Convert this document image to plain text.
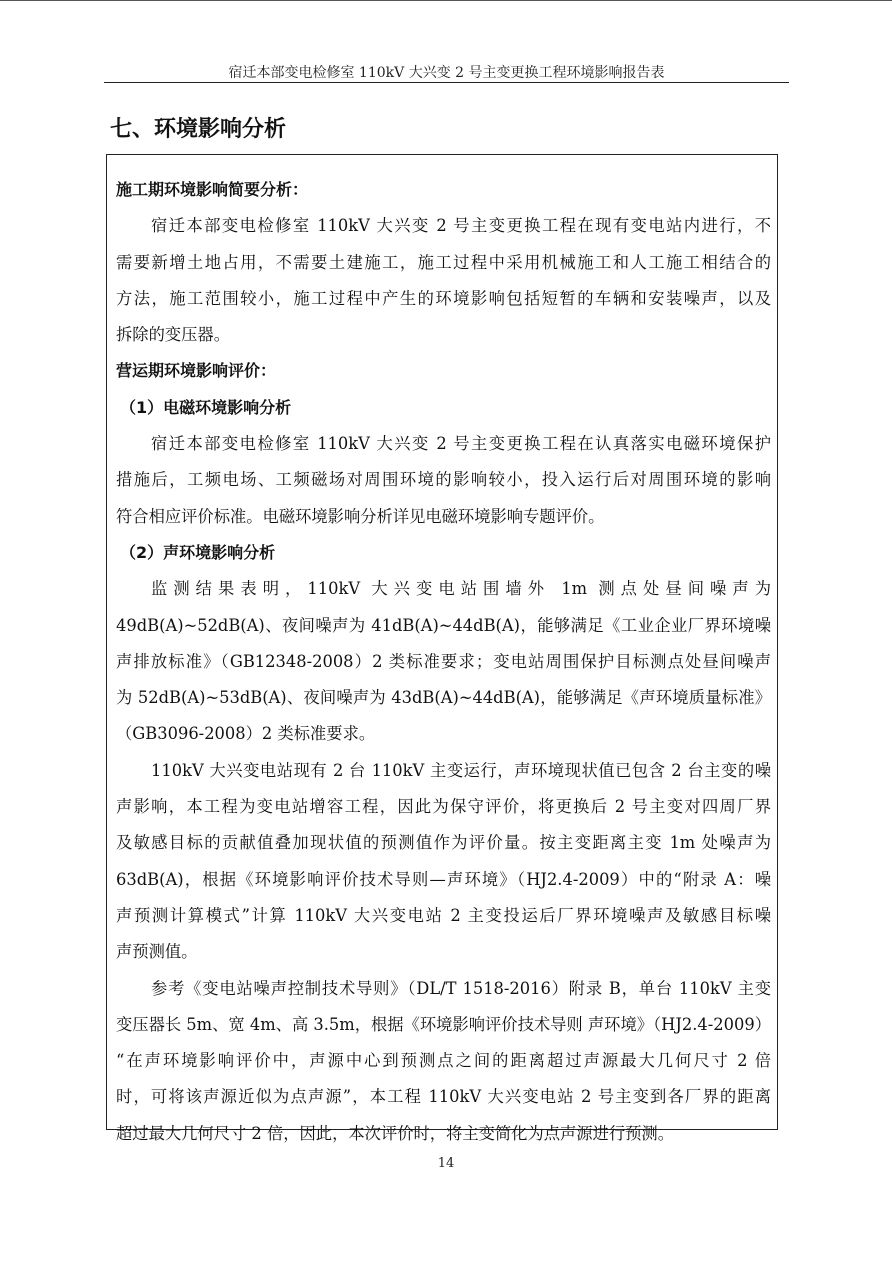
宿迁本部变电检修室 110kV 大兴变 2 号主变更换工程环境影响报告表
七、环境影响分析
施工期环境影响简要分析：
宿迁本部变电检修室 110kV 大兴变 2 号主变更换工程在现有变电站内进行，不
需要新增土地占用，不需要土建施工，施工过程中采用机械施工和人工施工相结合的
方法，施工范围较小，施工过程中产生的环境影响包括短暂的车辆和安装噪声，以及
拆除的变压器。
营运期环境影响评价：
（1）电磁环境影响分析
宿迁本部变电检修室 110kV 大兴变 2 号主变更换工程在认真落实电磁环境保护
措施后，工频电场、工频磁场对周围环境的影响较小，投入运行后对周围环境的影响
符合相应评价标准。电磁环境影响分析详见电磁环境影响专题评价。
（2）声环境影响分析
监测结果表明，110kV 大兴变电站围墙外 1m 测点处昼间噪声为
49dB(A)~52dB(A)、夜间噪声为 41dB(A)~44dB(A)，能够满足《工业企业厂界环境噪
声排放标准》（GB12348-2008）2 类标准要求；变电站周围保护目标测点处昼间噪声
为 52dB(A)~53dB(A)、夜间噪声为 43dB(A)~44dB(A)，能够满足《声环境质量标准》
（GB3096-2008）2 类标准要求。
110kV 大兴变电站现有 2 台 110kV 主变运行，声环境现状值已包含 2 台主变的噪
声影响，本工程为变电站增容工程，因此为保守评价，将更换后 2 号主变对四周厂界
及敏感目标的贡献值叠加现状值的预测值作为评价量。按主变距离主变 1m 处噪声为
63dB(A)，根据《环境影响评价技术导则—声环境》（HJ2.4-2009）中的“附录 A：噪
声预测计算模式”计算 110kV 大兴变电站 2 主变投运后厂界环境噪声及敏感目标噪
声预测值。
参考《变电站噪声控制技术导则》（DL/T 1518-2016）附录 B，单台 110kV 主变
变压器长 5m、宽 4m、高 3.5m，根据《环境影响评价技术导则 声环境》（HJ2.4-2009）
“在声环境影响评价中，声源中心到预测点之间的距离超过声源最大几何尺寸 2 倍
时，可将该声源近似为点声源”，本工程 110kV 大兴变电站 2 号主变到各厂界的距离
超过最大几何尺寸 2 倍，因此，本次评价时，将主变简化为点声源进行预测。
14
